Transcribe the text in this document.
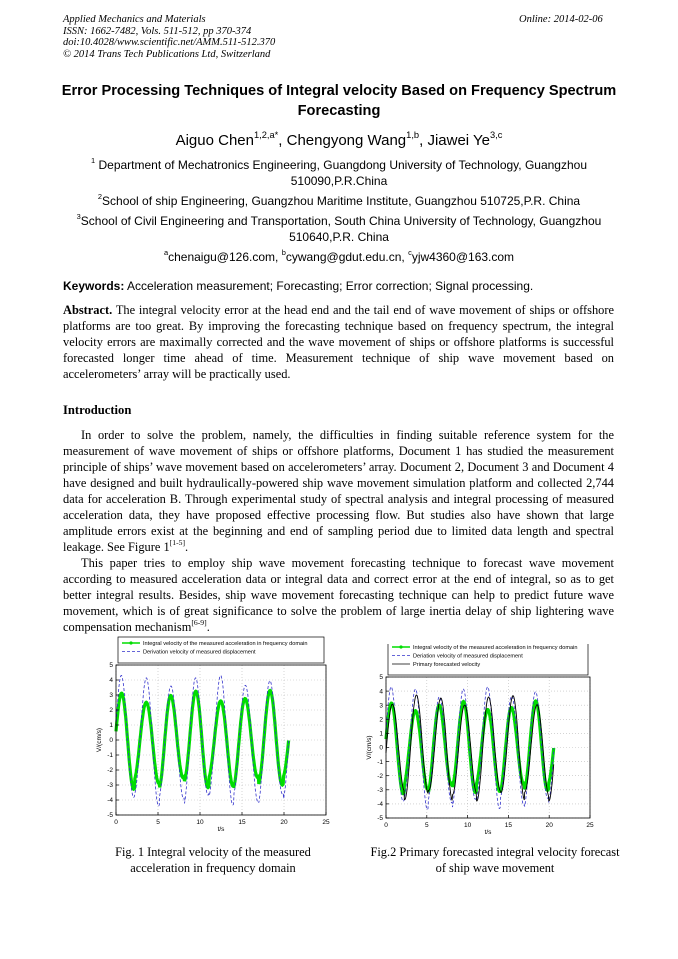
Applied Mechanics and Materials
ISSN: 1662-7482, Vols. 511-512, pp 370-374
doi:10.4028/www.scientific.net/AMM.511-512.370
© 2014 Trans Tech Publications Ltd, Switzerland
Online: 2014-02-06
Error Processing Techniques of Integral velocity Based on Frequency Spectrum Forecasting
Aiguo Chen$^{1,2,a*}$, Chengyong Wang$^{1,b}$, Jiawei Ye$^{3,c}$
$^1$ Department of Mechatronics Engineering, Guangdong University of Technology, Guangzhou 510090,P.R.China
$^2$School of ship Engineering, Guangzhou Maritime Institute, Guangzhou 510725,P.R. China
$^3$School of Civil Engineering and Transportation, South China University of Technology, Guangzhou 510640,P.R. China
$^a$chenaigu@126.com, $^b$cywang@gdut.edu.cn, $^c$yjw4360@163.com
Keywords: Acceleration measurement; Forecasting; Error correction; Signal processing.
Abstract. The integral velocity error at the head end and the tail end of wave movement of ships or offshore platforms are too great. By improving the forecasting technique based on frequency spectrum, the integral velocity errors are maximally corrected and the wave movement of ships or offshore platforms is successful forecasted longer time ahead of time. Measurement technique of ship wave movement based on accelerometers’ array will be practically used.
Introduction
In order to solve the problem, namely, the difficulties in finding suitable reference system for the measurement of wave movement of ships or offshore platforms, Document 1 has studied the measurement principle of ships’ wave movement based on accelerometers’ array. Document 2, Document 3 and Document 4 have designed and built hydraulically-powered ship wave movement simulation platform and collected 2,744 data for acceleration B. Through experimental study of spectral analysis and integral processing of measured acceleration data, they have proposed effective processing flow. But studies also have shown that large amplitude errors exist at the beginning and end of sampling period due to limited data length and spectral leakage. See Figure 1[1-5].
This paper tries to employ ship wave movement forecasting technique to forecast wave movement according to measured acceleration data or integral data and correct error at the end of integral, so as to get better integral results. Besides, ship wave movement forecasting technique can help to predict future wave movement, which is of great significance to solve the problem of large inertia delay of ship lightering wave compensation mechanism[6-9].
0	5	10	15	20	25
-5
-4
-3
-2
-1
0
1
2
3
4
5
t/s
V/(cm/s)
Integral velocity of the measured acceleration in frequency domain
Derivation velocity of measured displacement
Fig. 1 Integral velocity of the measured acceleration in frequency domain
0	5	10	15	20	25
-5
-4
-3
-2
-1
0
1
2
3
4
5
t/s
V/(cm/s)
Integral velocity of the measured acceleration in frequency domain
Deriation velocity of measured displacement
Primary forecasted velocity
Fig.2 Primary forecasted integral velocity forecast of ship wave movement
